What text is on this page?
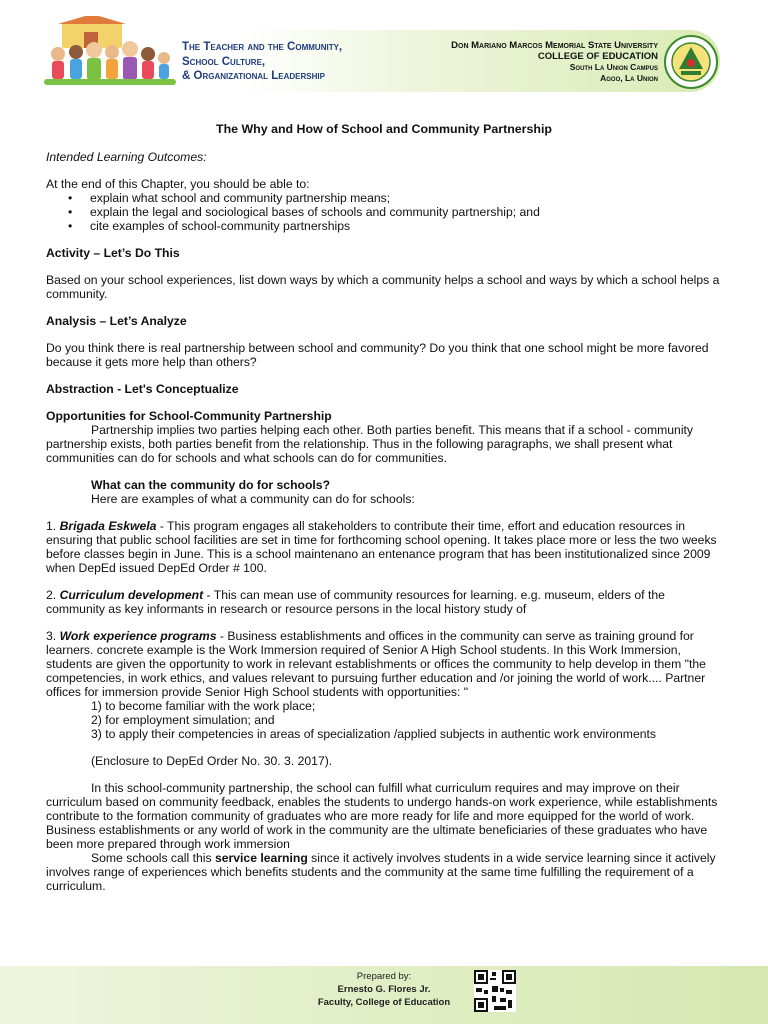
The Teacher and the Community,
School Culture,
& Organizational Leadership
Don Mariano Marcos Memorial State University
COLLEGE OF EDUCATION
South La Union Campus
Agoo, La Union

The Why and How of School and Community Partnership

Intended Learning Outcomes:

At the end of this Chapter, you should be able to:

• explain what school and community partnership means;
• explain the legal and sociological bases of schools and community partnership; and
• cite examples of school-community partnerships

Activity – Let’s Do This

Based on your school experiences, list down ways by which a community helps a school and ways by which a school helps a community.

Analysis – Let’s Analyze

Do you think there is real partnership between school and community? Do you think that one school might be more favored because it gets more help than others?

Abstraction - Let's Conceptualize

Opportunities for School-Community Partnership

Partnership implies two parties helping each other. Both parties benefit. This means that if a school - community partnership exists, both parties benefit from the relationship. Thus in the following paragraphs, we shall present what communities can do for schools and what schools can do for communities.

What can the community do for schools?

Here are examples of what a community can do for schools:

1. Brigada Eskwela - This program engages all stakeholders to contribute their time, effort and education resources in ensuring that public school facilities are set in time for forthcoming school opening. It takes place more or less the two weeks before classes begin in June. This is a school maintenano an entenance program that has been institutionalized since 2009 when DepEd issued DepEd Order # 100.

2. Curriculum development - This can mean use of community resources for learning. e.g. museum, elders of the community as key informants in research or resource persons in the local history study of

3. Work experience programs - Business establishments and offices in the community can serve as training ground for learners. concrete example is the Work Immersion required of Senior A High School students. In this Work Immersion, students are given the opportunity to work in relevant establishments or offices the community to help develop in them "the competencies, in work ethics, and values relevant to pursuing further education and /or joining the world of work.... Partner offices for immersion provide Senior High School students with opportunities: "

1) to become familiar with the work place;

2) for employment simulation; and

3) to apply their competencies in areas of specialization /applied subjects in authentic work environments

(Enclosure to DepEd Order No. 30. 3. 2017).

In this school-community partnership, the school can fulfill what curriculum requires and may improve on their curriculum based on community feedback, enables the students to undergo hands-on work experience, while establishments contribute to the formation community of graduates who are more ready for life and more equipped for the world of work. Business establishments or any world of work in the community are the ultimate beneficiaries of these graduates who have been more prepared through work immersion

Some schools call this service learning since it actively involves students in a wide service learning since it actively involves range of experiences which benefits students and the community at the same time fulfilling the requirement of a curriculum.

Prepared by:
Ernesto G. Flores Jr.
Faculty, College of Education
